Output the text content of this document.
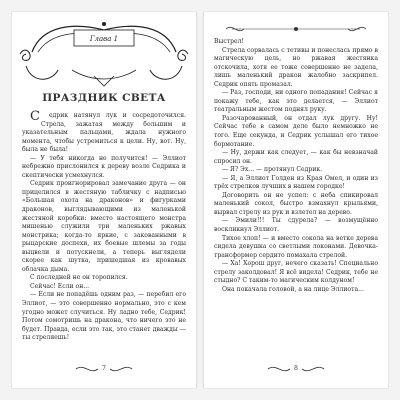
Глава 1
ПРАЗДНИК СВЕТА

Седрик натянул лук и сосредоточился. Стрела, зажатая между большим и указательным пальцами, ждала нужного момента, чтобы устремиться к цели. Ну, вот. Ну, была не была!

— У тебя никогда не получится! — Эллиот небрежно прислонился к дереву возле Седрика и скептически усмехнулся.

Седрик проигнорировал замечание друга — он прицелился в жестяную табличку с надписью «Большая охота на драконов» и фигурками драконов, выглядывающими из маленькой жестяной коробки: вместо настоящего монстра мишенью служили три маленьких ржавых монстрика; когда-то яркие, с закованными в рыцарские доспехи, их боевые шлемы за годы выцвели и потускнели, а теперь выглядели скорее как шутка, пришедшая из кровавых облачка дыма.

С последней не он торопился.

Сейчас! Если он...

— Если не попадёшь одним раз, — перебил его Эллиот, — это совершенно нормально, это с кем угодно может случиться. Ну ладно тебе, Седрик! Потом сомотришь на дракона, что ничего это не будет. Правда, если это так, это станет дважды — ты стреляешь!

7

Выстрел!

Стрела сорвалась с тетивы и понеслась прямо в магическую цель, но ржавая жестянка отскочила, хотя ее тоже совершенно не задела, лишь маленький дракон жалобно заскрипел. Седрик опять промазал.

— Раз, господи, ни одного попадания! Сейчас я покажу тебе, как это делается, — Эллиот театральным жестом поднял руку.

Разочарованный, он отдал лук другу. Ну! Сейчас тебе в самом деле было немножко не того. Еще секунда, и Седрик услышал его тихое бормотание.

— Ну, держи как следует, — как бы невзначай спросил он.

— Я? Эх... — протянул Седрик.

— Я, а Эллиот Голден из Края Омел, и один из трёх стрелков лучших в нашем городке!

Договорить он не успел: с неба спикировал маленький сокол, быстро взмахнул крыльями, вырвал стрелу из рук и взлетел на дерево.

— Эмили!!! Ты сдурела? — возмущённо воскликнул Эллиот.

Тихое хлоп! — и вместо сокола на ветке дерева сидела девушка со светлыми локонами. Девочка-трансформер сердито помахала стрелой.

— Ха! Хорош друг, нечего сказать! Специально стрелу заколдовал! Я всё видела! Седрик, тебе не стыдно? С таким-то магическим колдуном!

Она покачала головой, а на лице Эллиота...

8
